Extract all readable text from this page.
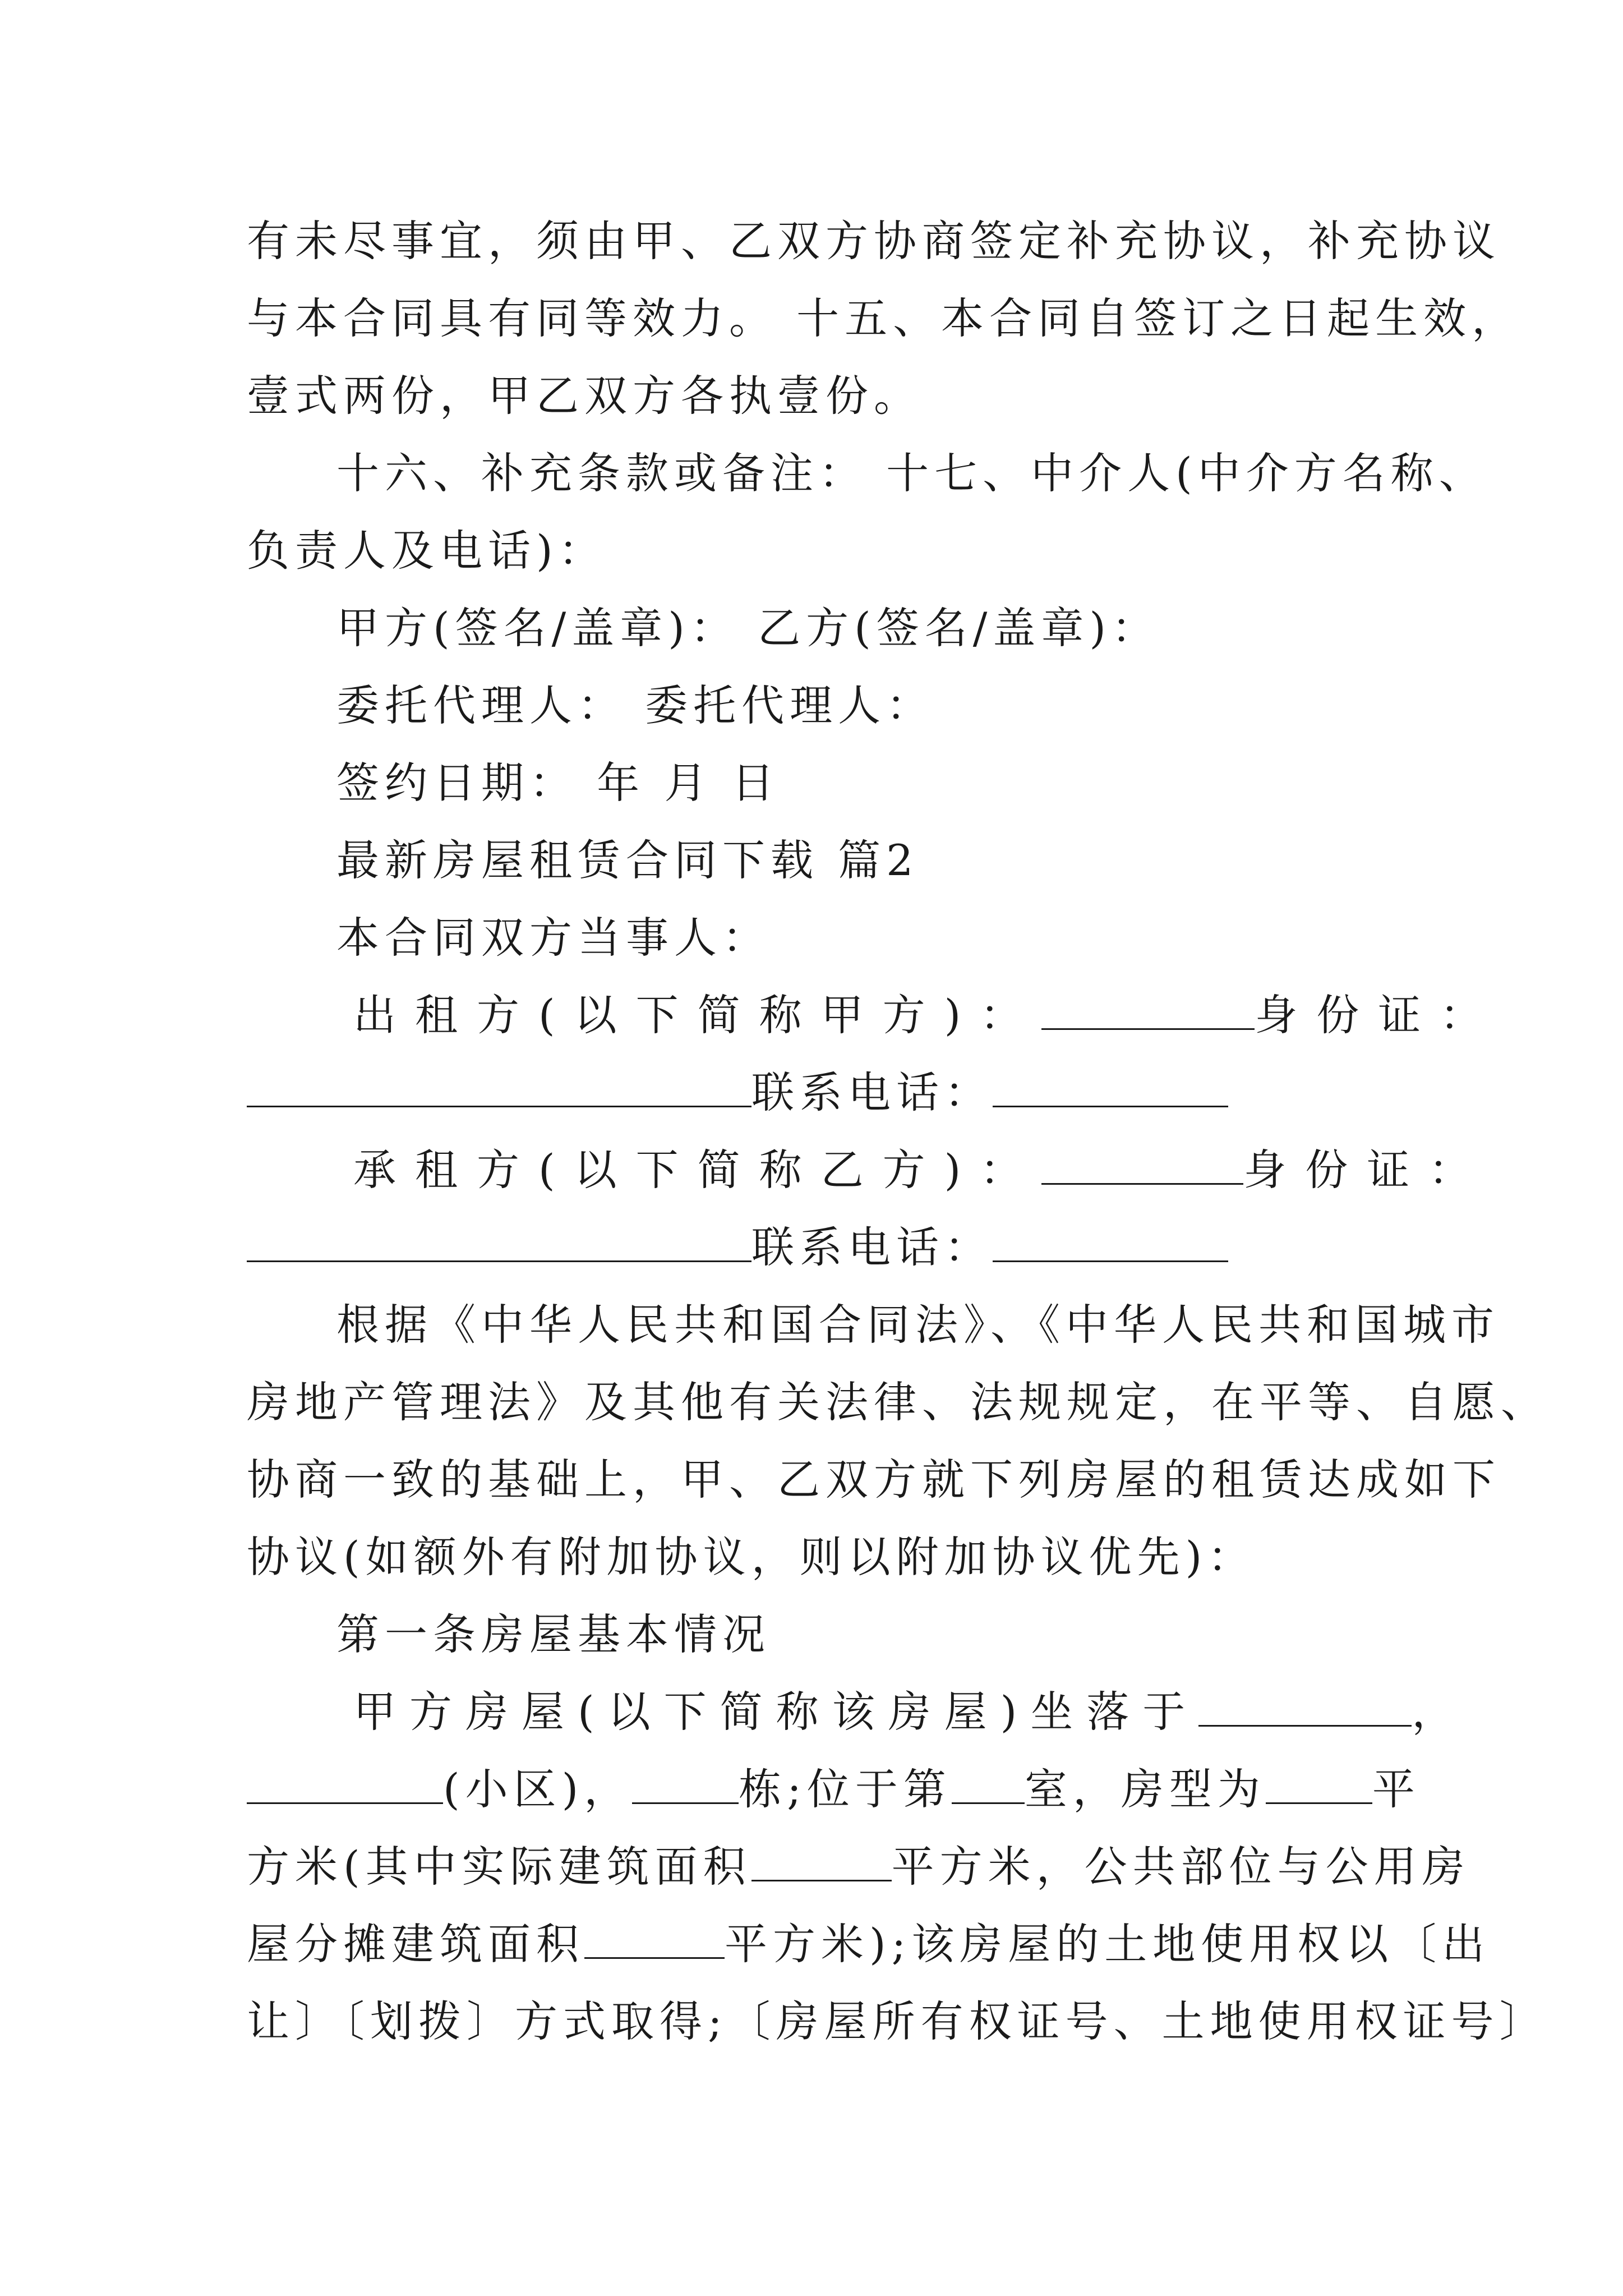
有未尽事宜，须由甲、乙双方协商签定补充协议，补充协议
与本合同具有同等效力。 十五、本合同自签订之日起生效，
壹式两份，甲乙双方各执壹份。
十六、补充条款或备注： 十七、中介人(中介方名称、
负责人及电话)：
甲方(签名/盖章)： 乙方(签名/盖章)：
委托代理人： 委托代理人：
签约日期： 年 月 日
最新房屋租赁合同下载 篇2
本合同双方当事人：
出租方(以下简称甲方)：	身份证：
联系电话：
承租方(以下简称乙方)：	身份证：
联系电话：
根据《中华人民共和国合同法》、《中华人民共和国城市
房地产管理法》及其他有关法律、法规规定，在平等、自愿、
协商一致的基础上，甲、乙双方就下列房屋的租赁达成如下
协议(如额外有附加协议，则以附加协议优先)：
第一条房屋基本情况
甲方房屋(以下简称该房屋)坐落于	，
(小区)，	栋;位于第 室，房型为	平
方米(其中实际建筑面积	平方米，公共部位与公用房
屋分摊建筑面积	平方米);该房屋的土地使用权以〔出
让〕〔划拨〕方式取得;〔房屋所有权证号、土地使用权证号〕
